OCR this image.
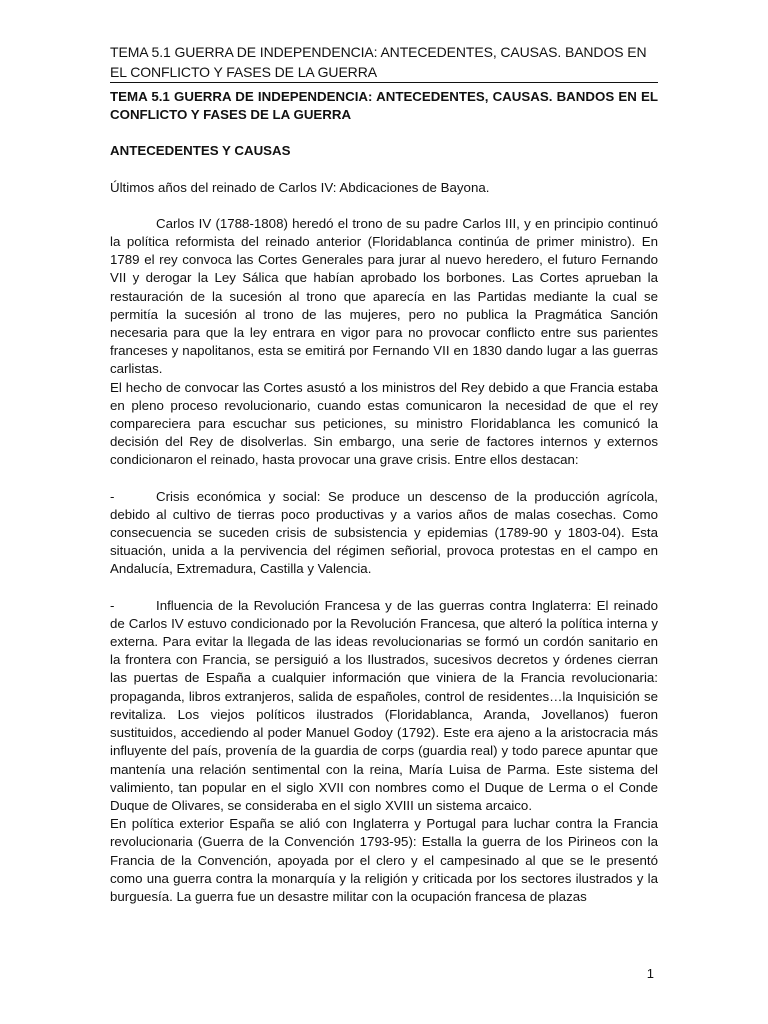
TEMA 5.1 GUERRA DE INDEPENDENCIA: ANTECEDENTES, CAUSAS. BANDOS EN EL CONFLICTO Y FASES DE LA GUERRA

TEMA 5.1 GUERRA DE INDEPENDENCIA: ANTECEDENTES, CAUSAS. BANDOS EN EL CONFLICTO Y FASES DE LA GUERRA

ANTECEDENTES Y CAUSAS

Últimos años del reinado de Carlos IV: Abdicaciones de Bayona.

Carlos IV (1788-1808) heredó el trono de su padre Carlos III, y en principio continuó la política reformista del reinado anterior (Floridablanca continúa de primer ministro). En 1789 el rey convoca las Cortes Generales para jurar al nuevo heredero, el futuro Fernando VII y derogar la Ley Sálica que habían aprobado los borbones. Las Cortes aprueban la restauración de la sucesión al trono que aparecía en las Partidas mediante la cual se permitía la sucesión al trono de las mujeres, pero no publica la Pragmática Sanción necesaria para que la ley entrara en vigor para no provocar conflicto entre sus parientes franceses y napolitanos, esta se emitirá por Fernando VII en 1830 dando lugar a las guerras carlistas.

El hecho de convocar las Cortes asustó a los ministros del Rey debido a que Francia estaba en pleno proceso revolucionario, cuando estas comunicaron la necesidad de que el rey compareciera para escuchar sus peticiones, su ministro Floridablanca les comunicó la decisión del Rey de disolverlas. Sin embargo, una serie de factores internos y externos condicionaron el reinado, hasta provocar una grave crisis. Entre ellos destacan:

-	Crisis económica y social: Se produce un descenso de la producción agrícola, debido al cultivo de tierras poco productivas y a varios años de malas cosechas. Como consecuencia se suceden crisis de subsistencia y epidemias (1789-90 y 1803-04). Esta situación, unida a la pervivencia del régimen señorial, provoca protestas en el campo en Andalucía, Extremadura, Castilla y Valencia.

-	Influencia de la Revolución Francesa y de las guerras contra Inglaterra: El reinado de Carlos IV estuvo condicionado por la Revolución Francesa, que alteró la política interna y externa. Para evitar la llegada de las ideas revolucionarias se formó un cordón sanitario en la frontera con Francia, se persiguió a los Ilustrados, sucesivos decretos y órdenes cierran las puertas de España a cualquier información que viniera de la Francia revolucionaria: propaganda, libros extranjeros, salida de españoles, control de residentes…la Inquisición se revitaliza. Los viejos políticos ilustrados (Floridablanca, Aranda, Jovellanos) fueron sustituidos, accediendo al poder Manuel Godoy (1792). Este era ajeno a la aristocracia más influyente del país, provenía de la guardia de corps (guardia real) y todo parece apuntar que mantenía una relación sentimental con la reina, María Luisa de Parma. Este sistema del valimiento, tan popular en el siglo XVII con nombres como el Duque de Lerma o el Conde Duque de Olivares, se consideraba en el siglo XVIII un sistema arcaico.

En política exterior España se alió con Inglaterra y Portugal para luchar contra la Francia revolucionaria (Guerra de la Convención 1793-95): Estalla la guerra de los Pirineos con la Francia de la Convención, apoyada por el clero y el campesinado al que se le presentó como una guerra contra la monarquía y la religión y criticada por los sectores ilustrados y la burguesía. La guerra fue un desastre militar con la ocupación francesa de plazas

1
